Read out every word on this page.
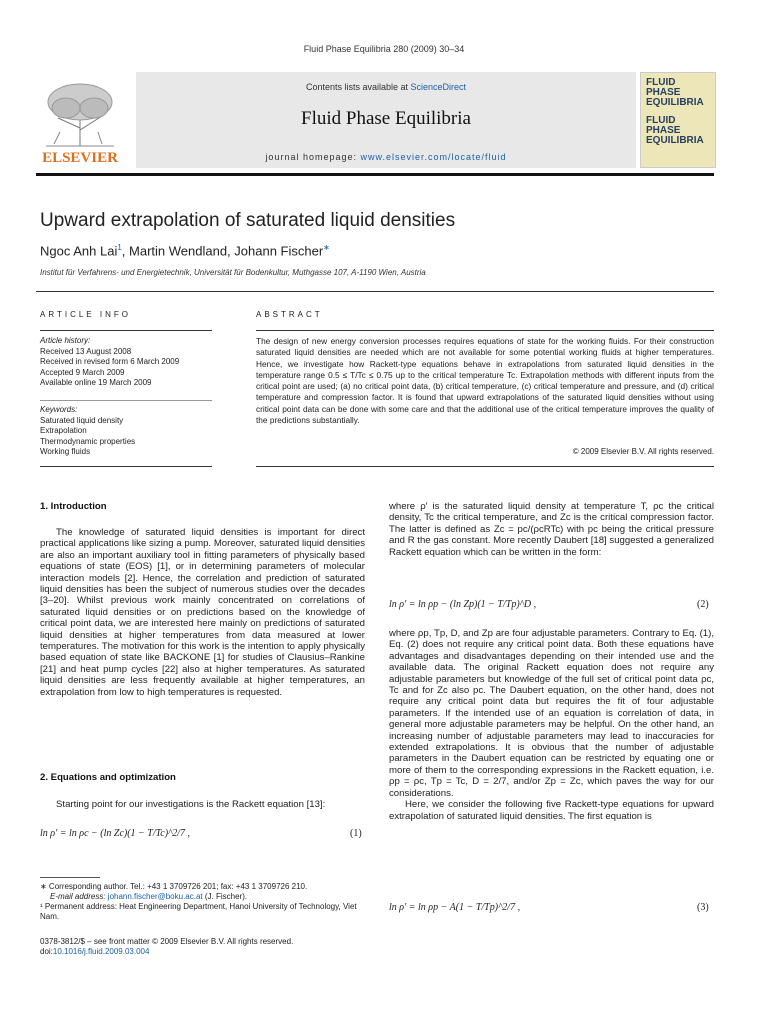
Fluid Phase Equilibria 280 (2009) 30–34
ELSEVIER
Contents lists available at ScienceDirect
Fluid Phase Equilibria
journal homepage: www.elsevier.com/locate/fluid
FLUID PHASE
EQUILIBRIA
FLUID PHASE
EQUILIBRIA
Upward extrapolation of saturated liquid densities
Ngoc Anh Lai$^1$, Martin Wendland, Johann Fischer∗
Institut für Verfahrens- und Energietechnik, Universität für Bodenkultur, Muthgasse 107, A-1190 Wien, Austria
ARTICLE INFO
Article history:
Received 13 August 2008
Received in revised form 6 March 2009
Accepted 9 March 2009
Available online 19 March 2009
Keywords:
Saturated liquid density
Extrapolation
Thermodynamic properties
Working fluids
ABSTRACT
The design of new energy conversion processes requires equations of state for the working fluids. For their construction saturated liquid densities are needed which are not available for some potential working fluids at higher temperatures. Hence, we investigate how Rackett-type equations behave in extrapolations from saturated liquid densities in the temperature range 0.5 ≤ T/Tc ≤ 0.75 up to the critical temperature Tc. Extrapolation methods with different inputs from the critical point are used; (a) no critical point data, (b) critical temperature, (c) critical temperature and pressure, and (d) critical temperature and compression factor. It is found that upward extrapolations of the saturated liquid densities without using critical point data can be done with some care and that the additional use of the critical temperature improves the quality of the predictions substantially.
© 2009 Elsevier B.V. All rights reserved.
1. Introduction

The knowledge of saturated liquid densities is important for direct practical applications like sizing a pump. Moreover, saturated liquid densities are also an important auxiliary tool in fitting parameters of physically based equations of state (EOS) [1], or in determining parameters of molecular interaction models [2]. Hence, the correlation and prediction of saturated liquid densities has been the subject of numerous studies over the decades [3–20]. Whilst previous work mainly concentrated on correlations of saturated liquid densities or on predictions based on the knowledge of critical point data, we are interested here mainly on predictions of saturated liquid densities at higher temperatures from data measured at lower temperatures. The motivation for this work is the intention to apply physically based equation of state like BACKONE [1] for studies of Clausius–Rankine [21] and heat pump cycles [22] also at higher temperatures. As saturated liquid densities are less frequently available at higher temperatures, an extrapolation from low to high temperatures is requested.

2. Equations and optimization

Starting point for our investigations is the Rackett equation [13]:

ln ρ′ = ln ρc − (ln Zc)(1 − T/Tc)^2/7 ,	(1)
∗ Corresponding author. Tel.: +43 1 3709726 201; fax: +43 1 3709726 210.
E-mail address: johann.fischer@boku.ac.at (J. Fischer).
¹ Permanent address: Heat Engineering Department, Hanoi University of Technology, Viet Nam.
0378-3812/$ – see front matter © 2009 Elsevier B.V. All rights reserved.
doi:10.1016/j.fluid.2009.03.004

where ρ′ is the saturated liquid density at temperature T, ρc the critical density, Tc the critical temperature, and Zc is the critical compression factor. The latter is defined as Zc = pc/(ρcRTc) with pc being the critical pressure and R the gas constant. More recently Daubert [18] suggested a generalized Rackett equation which can be written in the form:

ln ρ′ = ln ρp − (ln Zp)(1 − T/Tp)^D ,	(2)

where ρp, Tp, D, and Zp are four adjustable parameters. Contrary to Eq. (1), Eq. (2) does not require any critical point data. Both these equations have advantages and disadvantages depending on their intended use and the available data. The original Rackett equation does not require any adjustable parameters but knowledge of the full set of critical point data ρc, Tc and for Zc also pc. The Daubert equation, on the other hand, does not require any critical point data but requires the fit of four adjustable parameters. If the intended use of an equation is correlation of data, in general more adjustable parameters may be helpful. On the other hand, an increasing number of adjustable parameters may lead to inaccuracies for extended extrapolations. It is obvious that the number of adjustable parameters in the Daubert equation can be restricted by equating one or more of them to the corresponding expressions in the Rackett equation, i.e. ρp = ρc, Tp = Tc, D = 2/7, and/or Zp = Zc, which paves the way for our considerations.

Here, we consider the following five Rackett-type equations for upward extrapolation of saturated liquid densities. The first equation is

ln ρ′ = ln ρp − A(1 − T/Tp)^2/7 ,	(3)
